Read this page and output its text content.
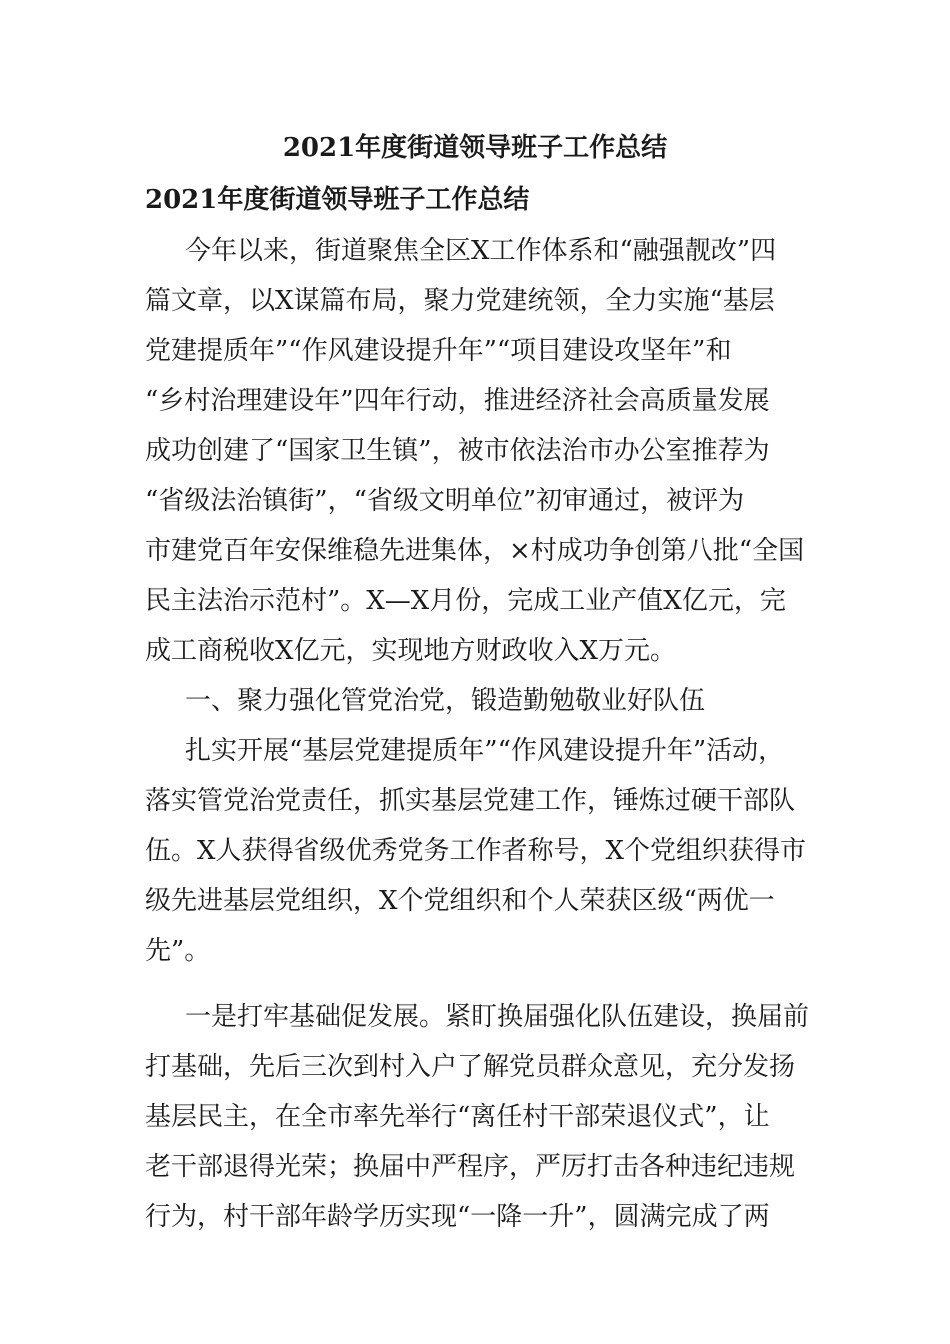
2021年度街道领导班子工作总结
2021年度街道领导班子工作总结

今年以来，街道聚焦全区X工作体系和“融强靓改”四
篇文章，以X谋篇布局，聚力党建统领，全力实施“基层
党建提质年”“作风建设提升年”“项目建设攻坚年”和
“乡村治理建设年”四年行动，推进经济社会高质量发展
成功创建了“国家卫生镇”，被市依法治市办公室推荐为
“省级法治镇街”，“省级文明单位”初审通过，被评为
市建党百年安保维稳先进集体，×村成功争创第八批“全国
民主法治示范村”。X—X月份，完成工业产值X亿元，完
成工商税收X亿元，实现地方财政收入X万元。

一、聚力强化管党治党，锻造勤勉敬业好队伍

扎实开展“基层党建提质年”“作风建设提升年”活动，
落实管党治党责任，抓实基层党建工作，锤炼过硬干部队
伍。X人获得省级优秀党务工作者称号，X个党组织获得市
级先进基层党组织，X个党组织和个人荣获区级“两优一
先”。

一是打牢基础促发展。紧盯换届强化队伍建设，换届前
打基础，先后三次到村入户了解党员群众意见，充分发扬
基层民主，在全市率先举行“离任村干部荣退仪式”，让
老干部退得光荣；换届中严程序，严厉打击各种违纪违规
行为，村干部年龄学历实现“一降一升”，圆满完成了两
